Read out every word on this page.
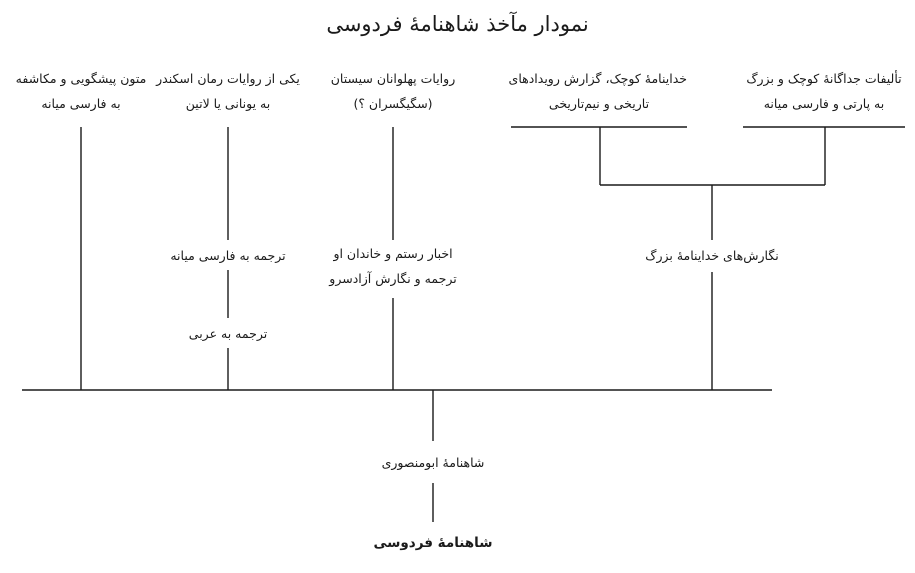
نمودار مآخذ شاهنامهٔ فردوسی
تألیفات جداگانهٔ کوچک و بزرگ
به پارتی و فارسی میانه
خداینامهٔ کوچک، گزارش رویدادهای
تاریخی و نیم‌تاریخی
روایات پهلوانان سیستان
(سگیگسران ؟)
یکی از روایات رمان اسکندر
به یونانی یا لاتین
متون پیشگویی و مکاشفه
به فارسی میانه
نگارش‌های خداینامهٔ بزرگ
اخبار رستم و خاندان او
ترجمه و نگارش آزادسرو
ترجمه به فارسی میانه
ترجمه به عربی
شاهنامهٔ ابومنصوری
شاهنامهٔ فردوسی
